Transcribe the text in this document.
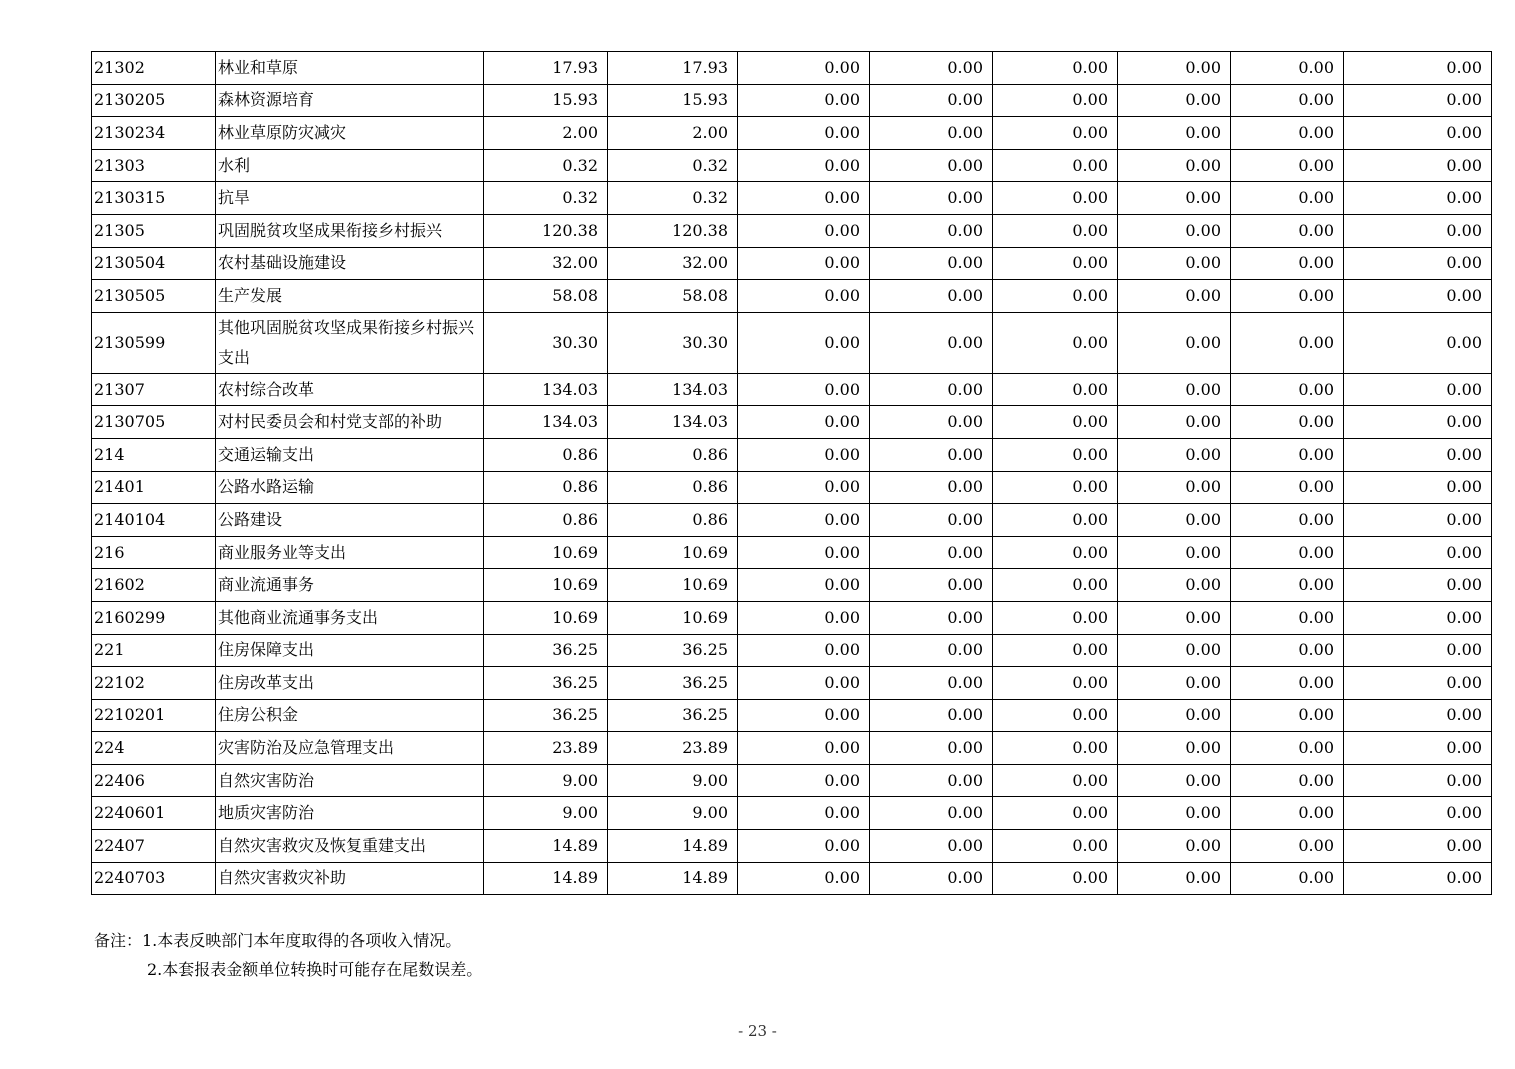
21302	林业和草原	17.93	17.93	0.00	0.00	0.00	0.00	0.00	0.00
2130205	森林资源培育	15.93	15.93	0.00	0.00	0.00	0.00	0.00	0.00
2130234	林业草原防灾减灾	2.00	2.00	0.00	0.00	0.00	0.00	0.00	0.00
21303	水利	0.32	0.32	0.00	0.00	0.00	0.00	0.00	0.00
2130315	抗旱	0.32	0.32	0.00	0.00	0.00	0.00	0.00	0.00
21305	巩固脱贫攻坚成果衔接乡村振兴	120.38	120.38	0.00	0.00	0.00	0.00	0.00	0.00
2130504	农村基础设施建设	32.00	32.00	0.00	0.00	0.00	0.00	0.00	0.00
2130505	生产发展	58.08	58.08	0.00	0.00	0.00	0.00	0.00	0.00
2130599	其他巩固脱贫攻坚成果衔接乡村振兴支出	30.30	30.30	0.00	0.00	0.00	0.00	0.00	0.00
21307	农村综合改革	134.03	134.03	0.00	0.00	0.00	0.00	0.00	0.00
2130705	对村民委员会和村党支部的补助	134.03	134.03	0.00	0.00	0.00	0.00	0.00	0.00
214	交通运输支出	0.86	0.86	0.00	0.00	0.00	0.00	0.00	0.00
21401	公路水路运输	0.86	0.86	0.00	0.00	0.00	0.00	0.00	0.00
2140104	公路建设	0.86	0.86	0.00	0.00	0.00	0.00	0.00	0.00
216	商业服务业等支出	10.69	10.69	0.00	0.00	0.00	0.00	0.00	0.00
21602	商业流通事务	10.69	10.69	0.00	0.00	0.00	0.00	0.00	0.00
2160299	其他商业流通事务支出	10.69	10.69	0.00	0.00	0.00	0.00	0.00	0.00
221	住房保障支出	36.25	36.25	0.00	0.00	0.00	0.00	0.00	0.00
22102	住房改革支出	36.25	36.25	0.00	0.00	0.00	0.00	0.00	0.00
2210201	住房公积金	36.25	36.25	0.00	0.00	0.00	0.00	0.00	0.00
224	灾害防治及应急管理支出	23.89	23.89	0.00	0.00	0.00	0.00	0.00	0.00
22406	自然灾害防治	9.00	9.00	0.00	0.00	0.00	0.00	0.00	0.00
2240601	地质灾害防治	9.00	9.00	0.00	0.00	0.00	0.00	0.00	0.00
22407	自然灾害救灾及恢复重建支出	14.89	14.89	0.00	0.00	0.00	0.00	0.00	0.00
2240703	自然灾害救灾补助	14.89	14.89	0.00	0.00	0.00	0.00	0.00	0.00
备注：1.本表反映部门本年度取得的各项收入情况。
2.本套报表金额单位转换时可能存在尾数误差。
- 23 -
